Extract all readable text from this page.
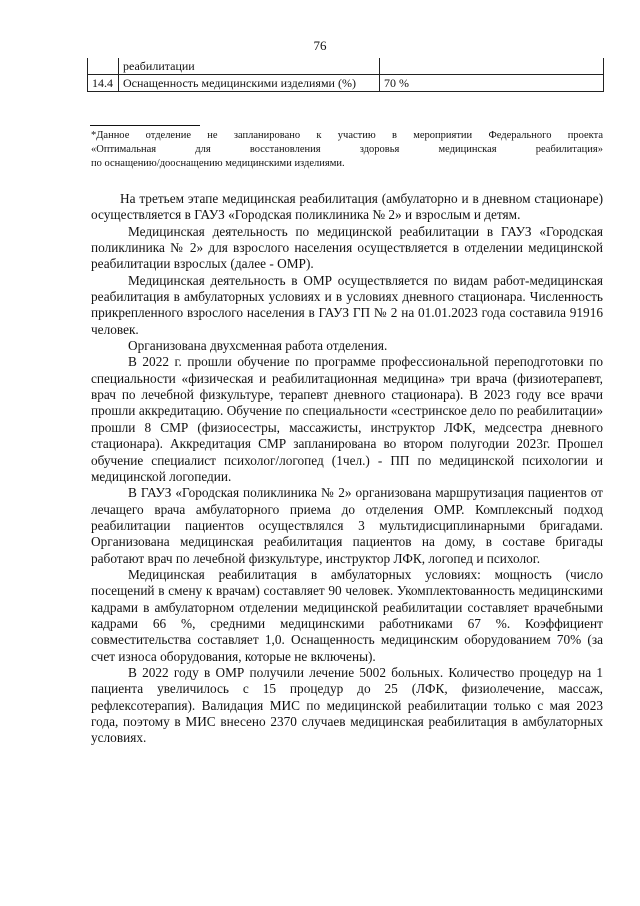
76
	реабилитации	
14.4	Оснащенность медицинскими изделиями (%)	70 %
*Данное отделение не запланировано к участию в мероприятии Федерального проекта
«Оптимальная для восстановления здоровья медицинская реабилитация»
по оснащению/дооснащению медицинскими изделиями.

На третьем этапе медицинская реабилитация (амбулаторно и в дневном стационаре) осуществляется в ГАУЗ «Городская поликлиника № 2» и взрослым и детям.

Медицинская деятельность по медицинской реабилитации в ГАУЗ «Городская поликлиника № 2» для взрослого населения осуществляется в отделении медицинской реабилитации взрослых (далее - ОМР).

Медицинская деятельность в ОМР осуществляется по видам работ-медицинская реабилитация в амбулаторных условиях и в условиях дневного стационара. Численность прикрепленного взрослого населения в ГАУЗ ГП № 2 на 01.01.2023 года составила 91916 человек.

Организована двухсменная работа отделения.

В 2022 г. прошли обучение по программе профессиональной переподготовки по специальности «физическая и реабилитационная медицина» три врача (физиотерапевт, врач по лечебной физкультуре, терапевт дневного стационара). В 2023 году все врачи прошли аккредитацию. Обучение по специальности «сестринское дело по реабилитации» прошли 8 СМР (физиосестры, массажисты, инструктор ЛФК, медсестра дневного стационара). Аккредитация СМР запланирована во втором полугодии 2023г. Прошел обучение специалист психолог/логопед (1чел.) - ПП по медицинской психологии и медицинской логопедии.

В ГАУЗ «Городская поликлиника № 2» организована маршрутизация пациентов от лечащего врача амбулаторного приема до отделения ОМР. Комплексный подход реабилитации пациентов осуществлялся 3 мультидисциплинарными бригадами. Организована медицинская реабилитация пациентов на дому, в составе бригады работают врач по лечебной физкультуре, инструктор ЛФК, логопед и психолог.

Медицинская реабилитация в амбулаторных условиях: мощность (число посещений в смену к врачам) составляет 90 человек. Укомплектованность медицинскими кадрами в амбулаторном отделении медицинской реабилитации составляет врачебными кадрами 66 %, средними медицинскими работниками 67 %. Коэффициент совместительства составляет 1,0. Оснащенность медицинским оборудованием 70% (за счет износа оборудования, которые не включены).

В 2022 году в ОМР получили лечение 5002 больных. Количество процедур на 1 пациента увеличилось с 15 процедур до 25 (ЛФК, физиолечение, массаж, рефлексотерапия). Валидация МИС по медицинской реабилитации только с мая 2023 года, поэтому в МИС внесено 2370 случаев медицинская реабилитация в амбулаторных условиях.
